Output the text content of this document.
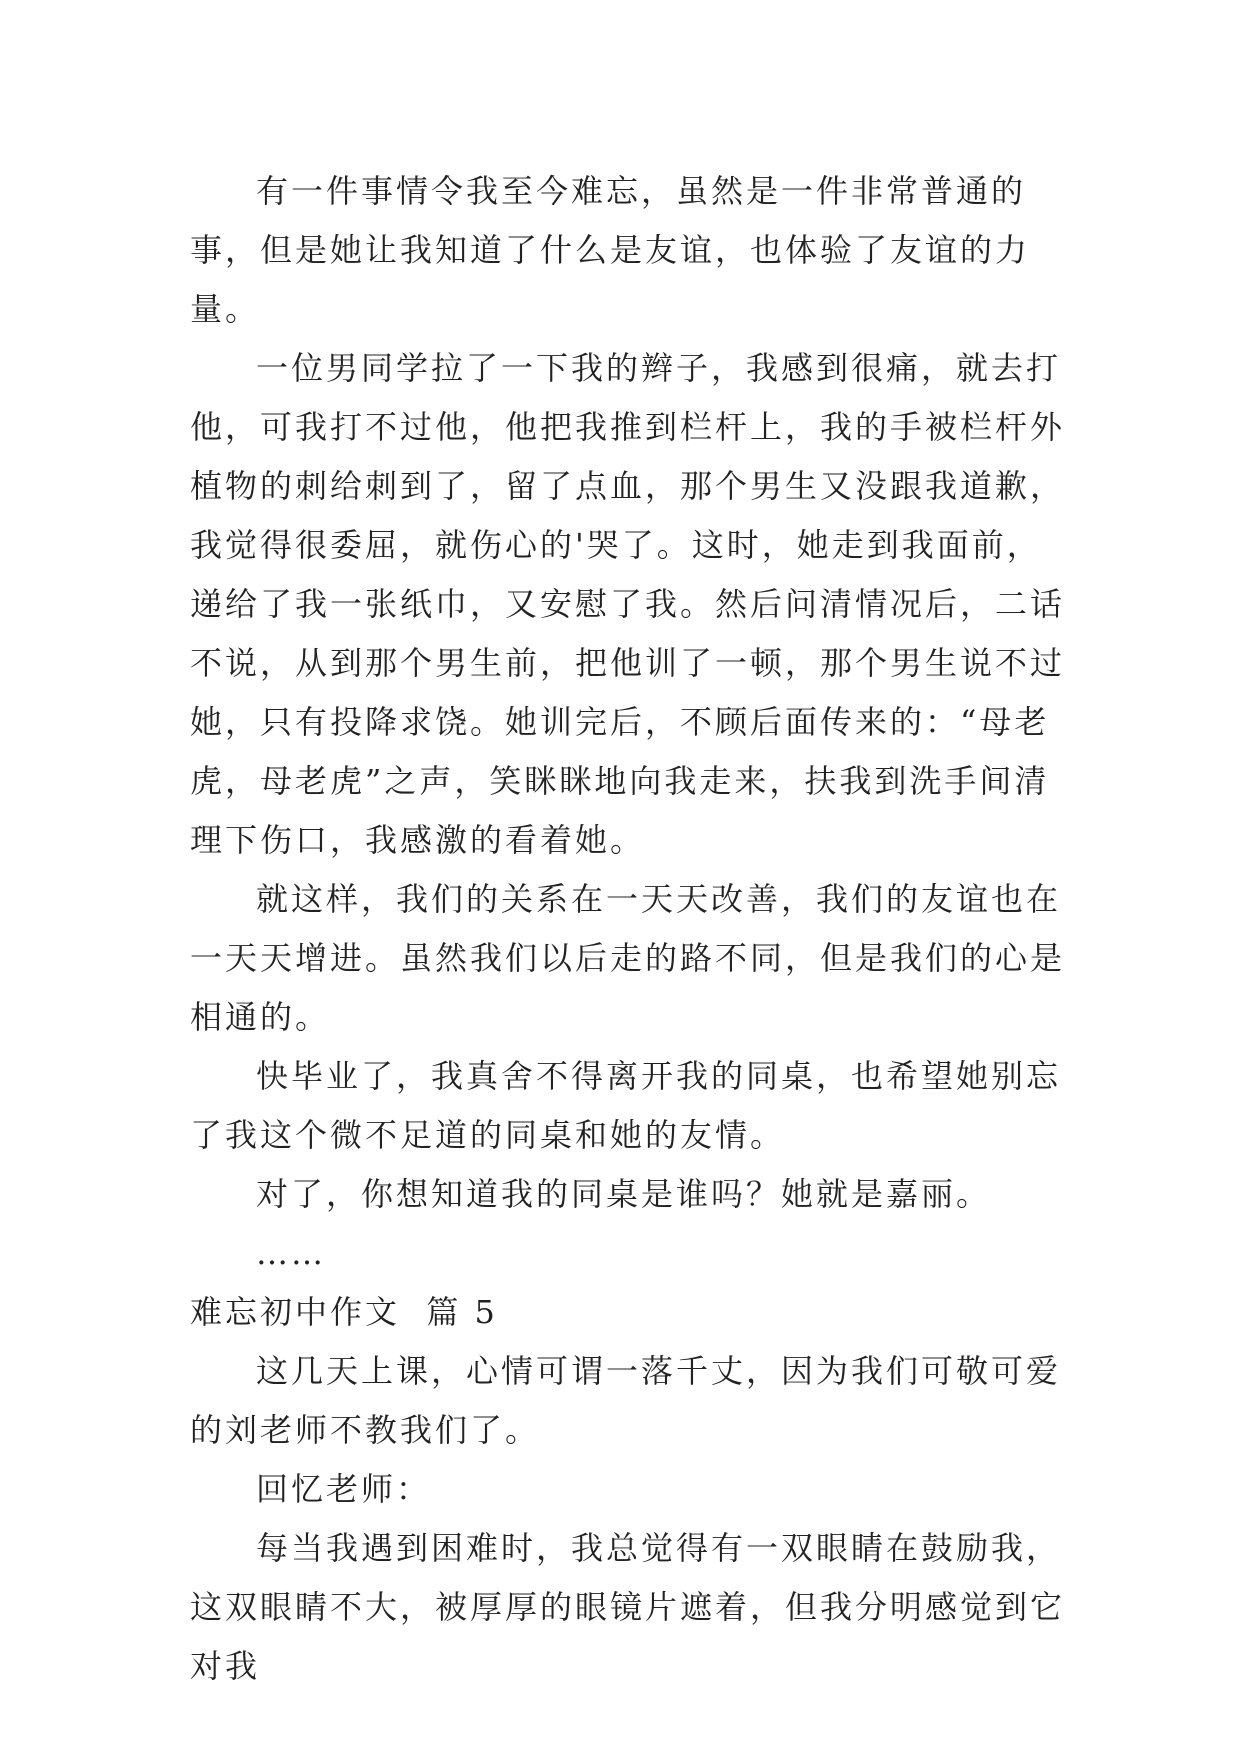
有一件事情令我至今难忘，虽然是一件非常普通的事，但是她让我知道了什么是友谊，也体验了友谊的力量。

一位男同学拉了一下我的辫子，我感到很痛，就去打他，可我打不过他，他把我推到栏杆上，我的手被栏杆外植物的刺给刺到了，留了点血，那个男生又没跟我道歉，我觉得很委屈，就伤心的'哭了。这时，她走到我面前，递给了我一张纸巾，又安慰了我。然后问清情况后，二话不说，从到那个男生前，把他训了一顿，那个男生说不过她，只有投降求饶。她训完后，不顾后面传来的：“母老虎，母老虎”之声，笑眯眯地向我走来，扶我到洗手间清理下伤口，我感激的看着她。

就这样，我们的关系在一天天改善，我们的友谊也在一天天增进。虽然我们以后走的路不同，但是我们的心是相通的。

快毕业了，我真舍不得离开我的同桌，也希望她别忘了我这个微不足道的同桌和她的友情。

对了，你想知道我的同桌是谁吗？她就是嘉丽。

……

难忘初中作文  篇 5

这几天上课，心情可谓一落千丈，因为我们可敬可爱的刘老师不教我们了。

回忆老师：

每当我遇到困难时，我总觉得有一双眼睛在鼓励我，这双眼睛不大，被厚厚的眼镜片遮着，但我分明感觉到它对我
